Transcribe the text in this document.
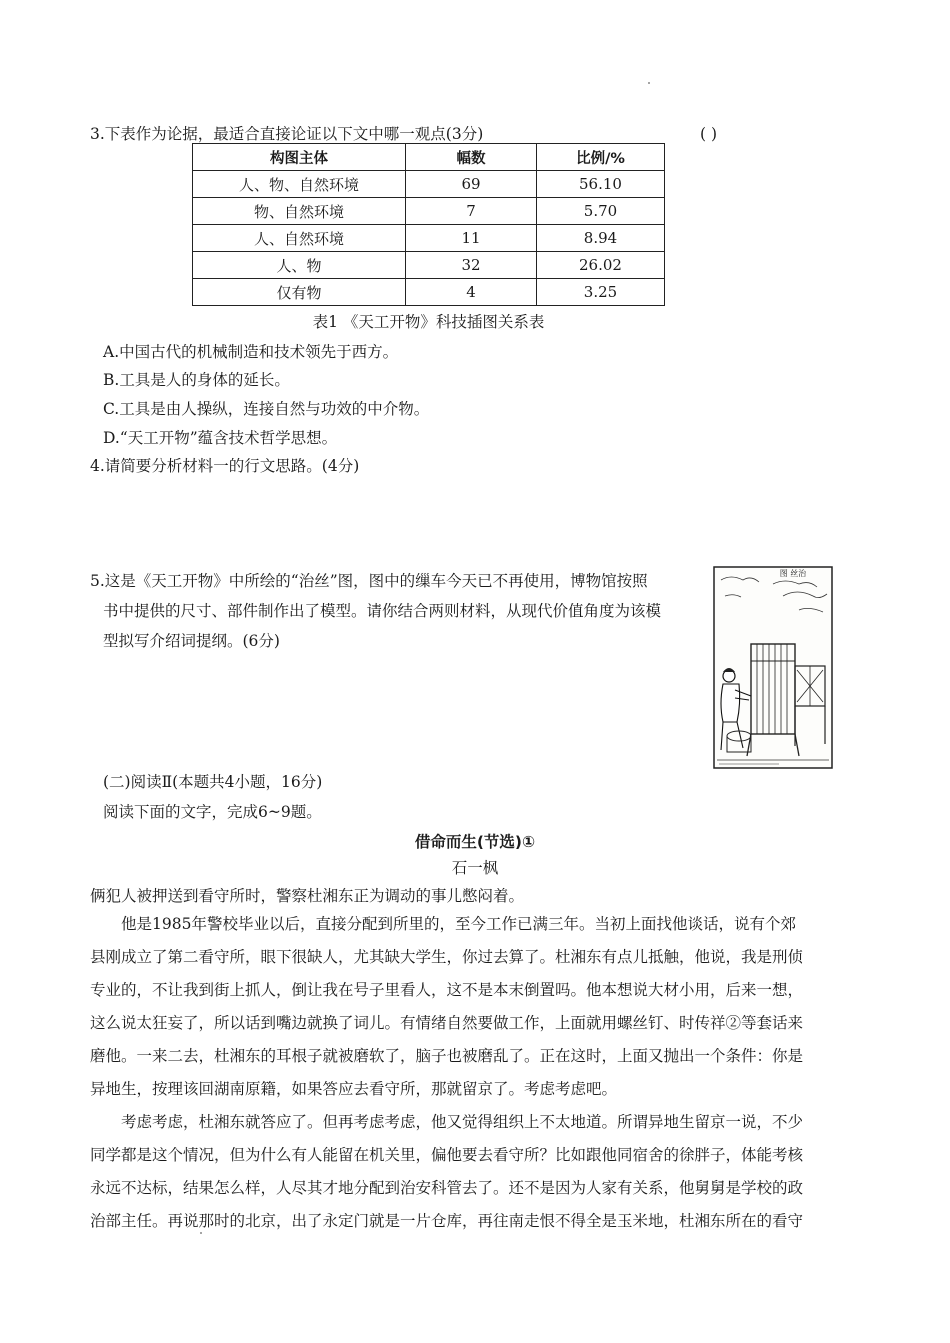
3.下表作为论据，最适合直接论证以下文中哪一观点(3分)	( )
构图主体	幅数	比例/%
人、物、自然环境	69	56.10
物、自然环境	7	5.70
人、自然环境	11	8.94
人、物	32	26.02
仅有物	4	3.25
表1 《天工开物》科技插图关系表
A.中国古代的机械制造和技术领先于西方。
B.工具是人的身体的延长。
C.工具是由人操纵，连接自然与功效的中介物。
D.“天工开物”蕴含技术哲学思想。
4.请简要分析材料一的行文思路。(4分)
5.这是《天工开物》中所绘的“治丝”图，图中的缫车今天已不再使用，博物馆按照
书中提供的尺寸、部件制作出了模型。请你结合两则材料，从现代价值角度为该模
型拟写介绍词提纲。(6分)
图 丝治
(二)阅读Ⅱ(本题共4小题，16分)
阅读下面的文字，完成6~9题。
借命而生(节选)①
石一枫
俩犯人被押送到看守所时，警察杜湘东正为调动的事儿憋闷着。
他是1985年警校毕业以后，直接分配到所里的，至今工作已满三年。当初上面找他谈话，说有个郊
县刚成立了第二看守所，眼下很缺人，尤其缺大学生，你过去算了。杜湘东有点儿抵触，他说，我是刑侦
专业的，不让我到街上抓人，倒让我在号子里看人，这不是本末倒置吗。他本想说大材小用，后来一想，
这么说太狂妄了，所以话到嘴边就换了词儿。有情绪自然要做工作，上面就用螺丝钉、时传祥②等套话来
磨他。一来二去，杜湘东的耳根子就被磨软了，脑子也被磨乱了。正在这时，上面又抛出一个条件：你是
异地生，按理该回湖南原籍，如果答应去看守所，那就留京了。考虑考虑吧。
考虑考虑，杜湘东就答应了。但再考虑考虑，他又觉得组织上不太地道。所谓异地生留京一说，不少
同学都是这个情况，但为什么有人能留在机关里，偏他要去看守所？比如跟他同宿舍的徐胖子，体能考核
永远不达标，结果怎么样，人尽其才地分配到治安科管去了。还不是因为人家有关系，他舅舅是学校的政
治部主任。再说那时的北京，出了永定门就是一片仓库，再往南走恨不得全是玉米地，杜湘东所在的看守
